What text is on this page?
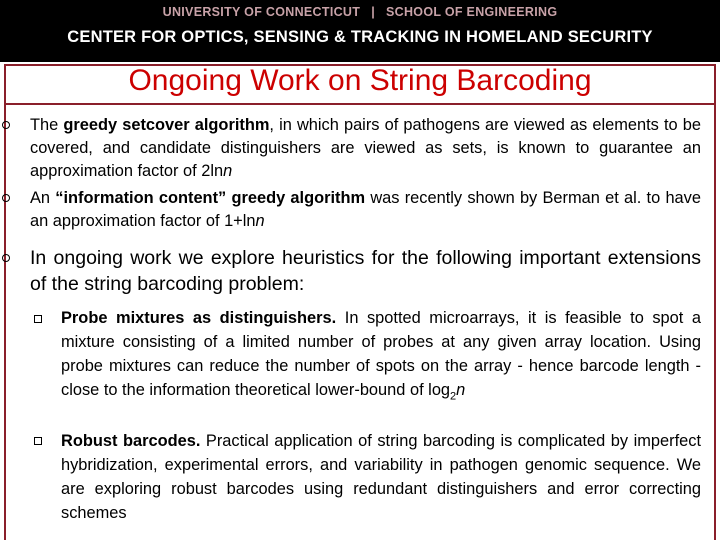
UNIVERSITY OF CONNECTICUT | SCHOOL OF ENGINEERING
CENTER FOR OPTICS, SENSING & TRACKING IN HOMELAND SECURITY
Ongoing Work on String Barcoding
The greedy setcover algorithm, in which pairs of pathogens are viewed as elements to be covered, and candidate distinguishers are viewed as sets, is known to guarantee an approximation factor of 2lnn
An “information content” greedy algorithm was recently shown by Berman et al. to have an approximation factor of 1+lnn
In ongoing work we explore heuristics for the following important extensions of the string barcoding problem:
Probe mixtures as distinguishers. In spotted microarrays, it is feasible to spot a mixture consisting of a limited number of probes at any given array location. Using probe mixtures can reduce the number of spots on the array - hence barcode length - close to the information theoretical lower-bound of $\log_2n$
Robust barcodes. Practical application of string barcoding is complicated by imperfect hybridization, experimental errors, and variability in pathogen genomic sequence. We are exploring robust barcodes using redundant distinguishers and error correcting schemes
